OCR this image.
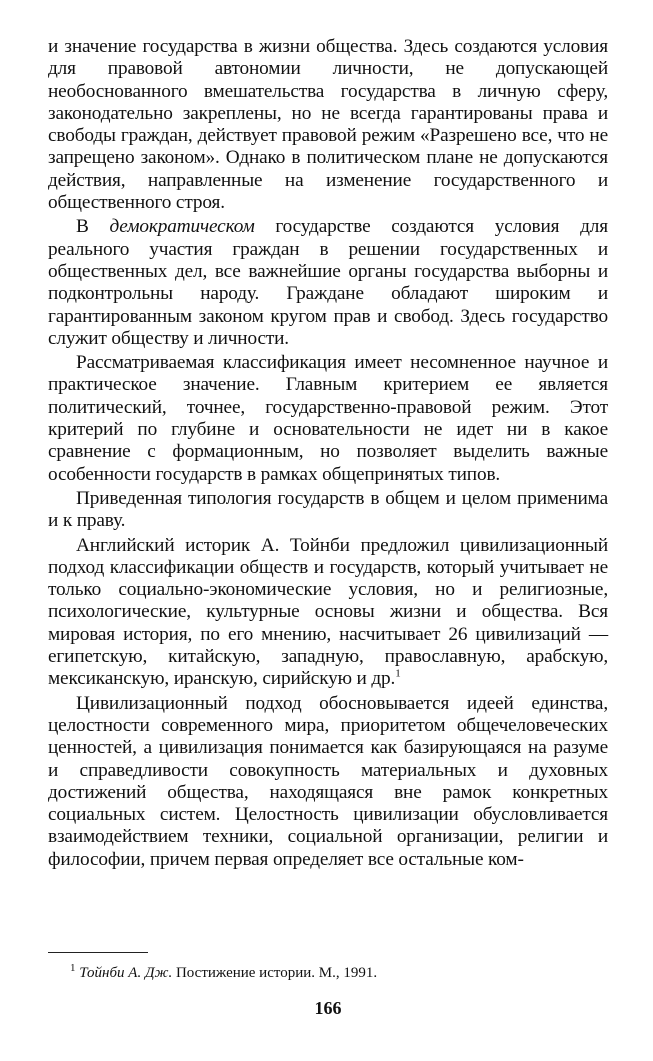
и значение государства в жизни общества. Здесь создаются условия для правовой автономии личности, не допускающей необоснованного вмешательства государства в личную сферу, законодательно закреплены, но не всегда гарантированы права и свободы граждан, действует правовой режим «Разрешено все, что не запрещено законом». Однако в политическом плане не допускаются действия, направленные на изменение государственного и общественного строя.

В демократическом государстве создаются условия для реального участия граждан в решении государственных и общественных дел, все важнейшие органы государства выборны и подконтрольны народу. Граждане обладают широким и гарантированным законом кругом прав и свобод. Здесь государство служит обществу и личности.

Рассматриваемая классификация имеет несомненное научное и практическое значение. Главным критерием ее является политический, точнее, государственно-правовой режим. Этот критерий по глубине и основательности не идет ни в какое сравнение с формационным, но позволяет выделить важные особенности государств в рамках общепринятых типов.

Приведенная типология государств в общем и целом применима и к праву.

Английский историк А. Тойнби предложил цивилизационный подход классификации обществ и государств, который учитывает не только социально-экономические условия, но и религиозные, психологические, культурные основы жизни и общества. Вся мировая история, по его мнению, насчитывает 26 цивилизаций — египетскую, китайскую, западную, православную, арабскую, мексиканскую, иранскую, сирийскую и др.$^1$

Цивилизационный подход обосновывается идеей единства, целостности современного мира, приоритетом общечеловеческих ценностей, а цивилизация понимается как базирующаяся на разуме и справедливости совокупность материальных и духовных достижений общества, находящаяся вне рамок конкретных социальных систем. Целостность цивилизации обусловливается взаимодействием техники, социальной организации, религии и философии, причем первая определяет все остальные ком-

$^1$ Тойнби А. Дж. Постижение истории. М., 1991.
166
